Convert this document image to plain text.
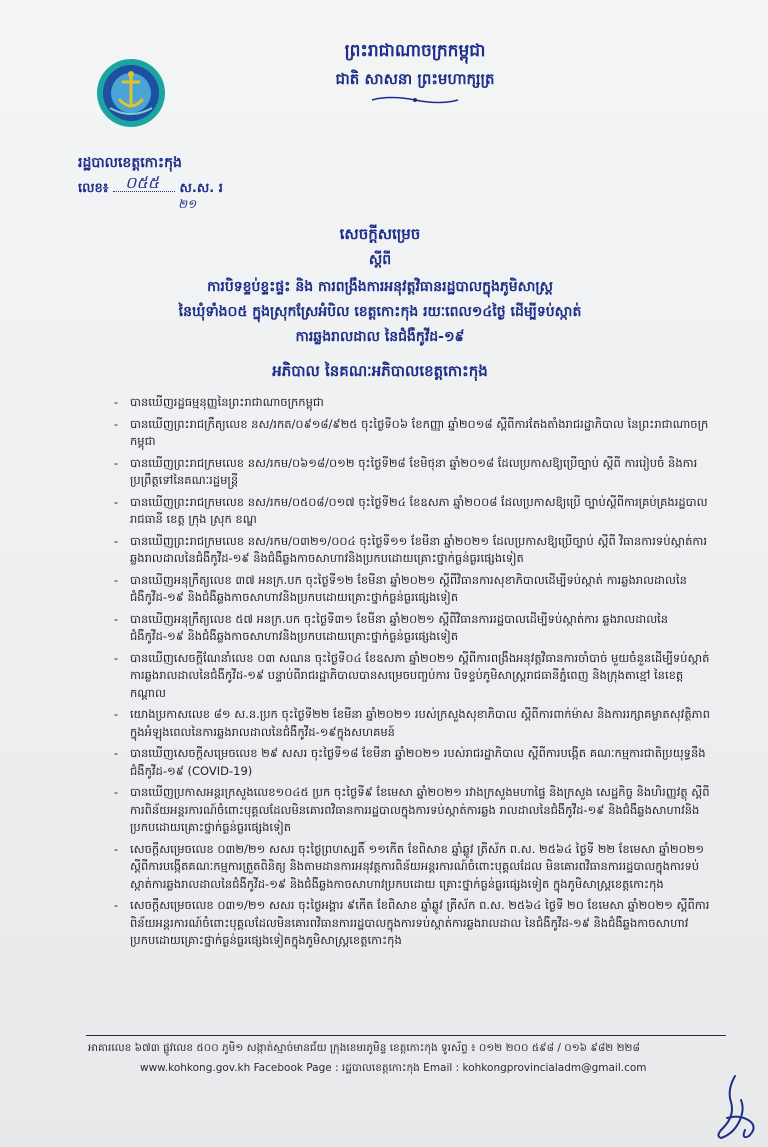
ព្រះរាជាណាចក្រកម្ពុជា
ជាតិ សាសនា ព្រះមហាក្សត្រ
រដ្ឋបាលខេត្តកោះកុង
លេខ៖	ស.ស. រ
០៥៥
២១
សេចក្ដីសម្រេច
ស្ដីពី
ការបិទខ្ទប់ខ្ទះផ្ទះ និង ការពង្រឹងការអនុវត្តវិធានរដ្ឋបាលក្នុងភូមិសាស្ត្រ
នៃឃុំទាំង០៥ ក្នុងស្រុកស្រែអំបិល ខេត្តកោះកុង រយៈពេល១៤ថ្ងៃ ដើម្បីទប់ស្កាត់
ការឆ្លងរាលដាល នៃជំងឺកូវីដ-១៩
អភិបាល នៃគណៈអភិបាលខេត្តកោះកុង
- បានឃើញរដ្ឋធម្មនុញ្ញនៃព្រះរាជាណាចក្រកម្ពុជា
- បានឃើញព្រះរាជក្រឹត្យលេខ នស/រកត/០៩១៨/៩២៥ ចុះថ្ងៃទី០៦ ខែកញ្ញា ឆ្នាំ២០១៨ ស្ដីពីការតែងតាំងរាជរដ្ឋាភិបាល នៃព្រះរាជាណាចក្រកម្ពុជា
- បានឃើញព្រះរាជក្រមលេខ នស/រកម/០៦១៨/០១២ ចុះថ្ងៃទី២៨ ខែមិថុនា ឆ្នាំ២០១៨ ដែលប្រកាសឱ្យប្រើច្បាប់ ស្ដីពី ការរៀបចំ និងការប្រព្រឹត្តទៅនៃគណៈរដ្ឋមន្ត្រី
- បានឃើញព្រះរាជក្រមលេខ នស/រកម/០៥០៨/០១៧ ចុះថ្ងៃទី២៤ ខែឧសភា ឆ្នាំ២០០៨ ដែលប្រកាសឱ្យប្រើ ច្បាប់ស្ដីពីការគ្រប់គ្រងរដ្ឋបាលរាជធានី ខេត្ត ក្រុង ស្រុក ខណ្ឌ
- បានឃើញព្រះរាជក្រមលេខ នស/រកម/០៣២១/០០៤ ចុះថ្ងៃទី១១ ខែមីនា ឆ្នាំ២០២១ ដែលប្រកាសឱ្យប្រើច្បាប់ ស្ដីពី វិធានការទប់ស្កាត់ការឆ្លងរាលដាលនៃជំងឺកូវីដ-១៩ និងជំងឺឆ្លងកាចសាហាវនិងប្រកបដោយគ្រោះថ្នាក់ធ្ងន់ធ្ងរផ្សេងទៀត
- បានឃើញអនុក្រឹត្យលេខ ៣៧ អនក្រ.បក ចុះថ្ងៃទី១២ ខែមីនា ឆ្នាំ២០២១ ស្ដីពីវិធានការសុខាភិបាលដើម្បីទប់ស្កាត់ ការឆ្លងរាលដាលនៃជំងឺកូវីដ-១៩ និងជំងឺឆ្លងកាចសាហាវនិងប្រកបដោយគ្រោះថ្នាក់ធ្ងន់ធ្ងរផ្សេងទៀត
- បានឃើញអនុក្រឹត្យលេខ ៥៧ អនក្រ.បក ចុះថ្ងៃទី៣១ ខែមីនា ឆ្នាំ២០២១ ស្ដីពីវិធានការរដ្ឋបាលដើម្បីទប់ស្កាត់ការ ឆ្លងរាលដាលនៃជំងឺកូវីដ-១៩ និងជំងឺឆ្លងកាចសាហាវនិងប្រកបដោយគ្រោះថ្នាក់ធ្ងន់ធ្ងរផ្សេងទៀត
- បានឃើញសេចក្ដីណែនាំលេខ ០៣ សណន ចុះថ្ងៃទី០៤ ខែឧសភា ឆ្នាំ២០២១ ស្ដីពីការពង្រឹងអនុវត្តវិធានការចាំបាច់ មួយចំនួនដើម្បីទប់ស្កាត់ការឆ្លងរាលដាលនៃជំងឺកូវីដ-១៩ បន្ទាប់ពីរាជរដ្ឋាភិបាលបានសម្រេចបញ្ចប់ការ បិទខ្ទប់ភូមិសាស្ត្ររាជធានីភ្នំពេញ និងក្រុងតាខ្មៅ នៃខេត្តកណ្ដាល
- យោងប្រកាសលេខ ៨១ ស.ន.ប្រក ចុះថ្ងៃទី២២ ខែមីនា ឆ្នាំ២០២១ របស់ក្រសួងសុខាភិបាល ស្ដីពីការពាក់ម៉ាស និងការរក្សាគម្លាតសុវត្ថិភាព ក្នុងអំឡុងពេលនៃការឆ្លងរាលដាលនៃជំងឺកូវីដ-១៩ក្នុងសហគមន៍
- បានឃើញសេចក្ដីសម្រេចលេខ ២៩ សសរ ចុះថ្ងៃទី១៨ ខែមីនា ឆ្នាំ២០២១ របស់រាជរដ្ឋាភិបាល ស្ដីពីការបង្កើត គណៈកម្មការជាតិប្រយុទ្ធនឹងជំងឺកូវីដ-១៩ (COVID-19)
- បានឃើញប្រកាសអន្តរក្រសួងលេខ១០៤៥ ប្រក ចុះថ្ងៃទី៩ ខែមេសា ឆ្នាំ២០២១ រវាងក្រសួងមហាផ្ទៃ និងក្រសួង សេដ្ឋកិច្ច និងហិរញ្ញវត្ថុ ស្ដីពីការពិន័យអន្តរការណ៍ចំពោះបុគ្គលដែលមិនគោរពវិធានការរដ្ឋបាលក្នុងការទប់ស្កាត់ការឆ្លង រាលដាលនៃជំងឺកូវីដ-១៩ និងជំងឺឆ្លងសាហាវនិងប្រកបដោយគ្រោះថ្នាក់ធ្ងន់ធ្ងរផ្សេងទៀត
- សេចក្ដីសម្រេចលេខ ០៣២/២១ សសរ ចុះថ្ងៃព្រហស្បតិ៍ ១១កើត ខែពិសាខ ឆ្នាំឆ្លូវ ត្រីស័ក ព.ស. ២៥៦៤ ថ្ងៃទី ២២ ខែមេសា ឆ្នាំ២០២១ ស្ដីពីការបង្កើតគណៈកម្មការត្រួតពិនិត្យ និងតាមដានការអនុវត្តការពិន័យអន្តរការណ៍ចំពោះបុគ្គលដែល មិនគោរពវិធានការរដ្ឋបាលក្នុងការទប់ស្កាត់ការឆ្លងរាលដាលនៃជំងឺកូវីដ-១៩ និងជំងឺឆ្លងកាចសាហាវប្រកបដោយ គ្រោះថ្នាក់ធ្ងន់ធ្ងរផ្សេងទៀត ក្នុងភូមិសាស្ត្រខេត្តកោះកុង
- សេចក្ដីសម្រេចលេខ ០៣១/២១ សសរ ចុះថ្ងៃអង្គារ ៩កើត ខែពិសាខ ឆ្នាំឆ្លូវ ត្រីស័ក ព.ស. ២៥៦៤ ថ្ងៃទី ២០ ខែមេសា ឆ្នាំ២០២១ ស្ដីពីការពិន័យអន្តរការណ៍ចំពោះបុគ្គលដែលមិនគោរពវិធានការរដ្ឋបាលក្នុងការទប់ស្កាត់ការឆ្លងរាលដាល នៃជំងឺកូវីដ-១៩ និងជំងឺឆ្លងកាចសាហាវប្រកបដោយគ្រោះថ្នាក់ធ្ងន់ធ្ងរផ្សេងទៀតក្នុងភូមិសាស្ត្រខេត្តកោះកុង
អាគារលេខ ៦៧៣ ផ្លូវលេខ ៥០០ ភូមិ១ សង្កាត់ស្មាច់មានជ័យ ក្រុងខេមរភូមិន្ទ ខេត្តកោះកុង ទូរស័ព្ទ ៖ ០១២ ២០០ ៥៩៨ / ០១៦ ៩៨២ ២២៨
www.kohkong.gov.kh Facebook Page : រដ្ឋបាលខេត្តកោះកុង Email : kohkongprovincialadm@gmail.com
